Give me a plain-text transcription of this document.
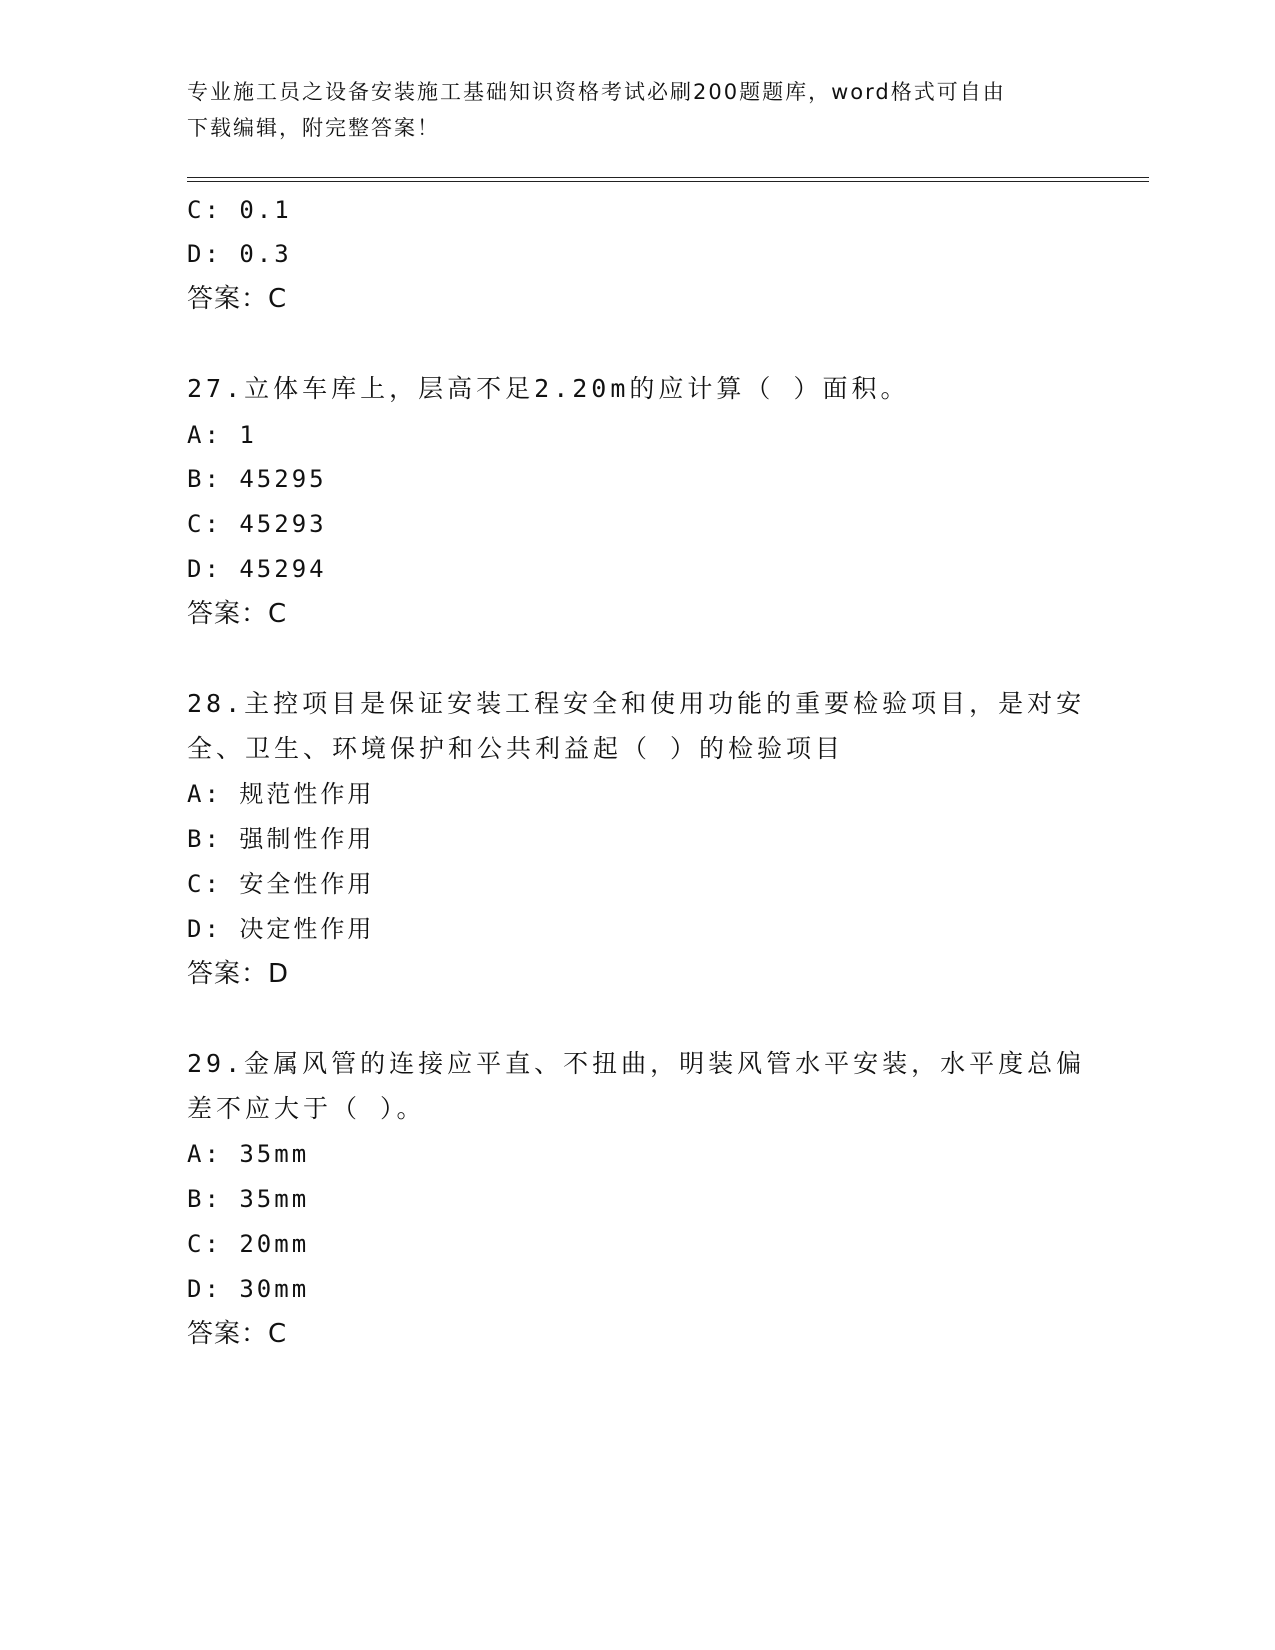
专业施工员之设备安装施工基础知识资格考试必刷200题题库，word格式可自由
下载编辑，附完整答案！
C: 0.1
D: 0.3
答案：C
27.立体车库上，层高不足2.20m的应计算（ ）面积。
A: 1
B: 45295
C: 45293
D: 45294
答案：C
28.主控项目是保证安装工程安全和使用功能的重要检验项目，是对安
全、卫生、环境保护和公共利益起（ ）的检验项目
A: 规范性作用
B: 强制性作用
C: 安全性作用
D: 决定性作用
答案：D
29.金属风管的连接应平直、不扭曲，明装风管水平安装，水平度总偏
差不应大于（ ）。
A: 35mm
B: 35mm
C: 20mm
D: 30mm
答案：C
